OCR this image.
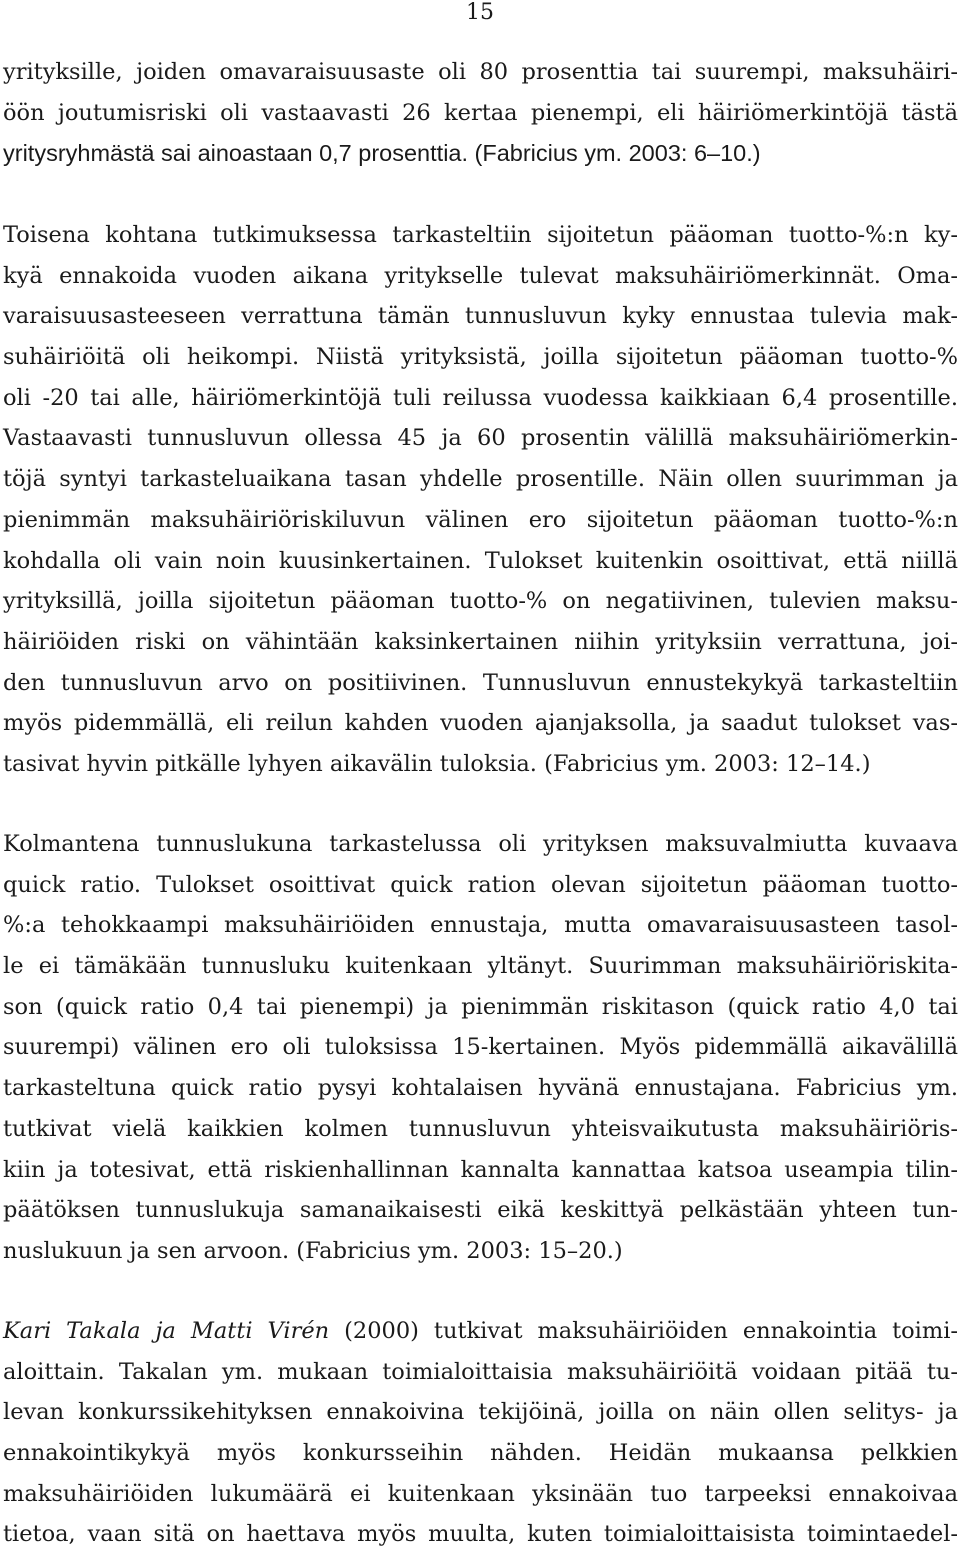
15
yrityksille, joiden omavaraisuusaste oli 80 prosenttia tai suurempi, maksuhäiri-
öön joutumisriski oli vastaavasti 26 kertaa pienempi, eli häiriömerkintöjä tästä
yritysryhmästä sai ainoastaan 0,7 prosenttia. (Fabricius ym. 2003: 6–10.)
Toisena kohtana tutkimuksessa tarkasteltiin sijoitetun pääoman tuotto-%:n ky-
kyä ennakoida vuoden aikana yritykselle tulevat maksuhäiriömerkinnät. Oma-
varaisuusasteeseen verrattuna tämän tunnusluvun kyky ennustaa tulevia mak-
suhäiriöitä oli heikompi. Niistä yrityksistä, joilla sijoitetun pääoman tuotto-%
oli -20 tai alle, häiriömerkintöjä tuli reilussa vuodessa kaikkiaan 6,4 prosentille.
Vastaavasti tunnusluvun ollessa 45 ja 60 prosentin välillä maksuhäiriömerkin-
töjä syntyi tarkasteluaikana tasan yhdelle prosentille. Näin ollen suurimman ja
pienimmän maksuhäiriöriskiluvun välinen ero sijoitetun pääoman tuotto-%:n
kohdalla oli vain noin kuusinkertainen. Tulokset kuitenkin osoittivat, että niillä
yrityksillä, joilla sijoitetun pääoman tuotto-% on negatiivinen, tulevien maksu-
häiriöiden riski on vähintään kaksinkertainen niihin yrityksiin verrattuna, joi-
den tunnusluvun arvo on positiivinen. Tunnusluvun ennustekykyä tarkasteltiin
myös pidemmällä, eli reilun kahden vuoden ajanjaksolla, ja saadut tulokset vas-
tasivat hyvin pitkälle lyhyen aikavälin tuloksia. (Fabricius ym. 2003: 12–14.)
Kolmantena tunnuslukuna tarkastelussa oli yrityksen maksuvalmiutta kuvaava
quick ratio. Tulokset osoittivat quick ration olevan sijoitetun pääoman tuotto-
%:a tehokkaampi maksuhäiriöiden ennustaja, mutta omavaraisuusasteen tasol-
le ei tämäkään tunnusluku kuitenkaan yltänyt. Suurimman maksuhäiriöriskita-
son (quick ratio 0,4 tai pienempi) ja pienimmän riskitason (quick ratio 4,0 tai
suurempi) välinen ero oli tuloksissa 15-kertainen. Myös pidemmällä aikavälillä
tarkasteltuna quick ratio pysyi kohtalaisen hyvänä ennustajana. Fabricius ym.
tutkivat vielä kaikkien kolmen tunnusluvun yhteisvaikutusta maksuhäiriöris-
kiin ja totesivat, että riskienhallinnan kannalta kannattaa katsoa useampia tilin-
päätöksen tunnuslukuja samanaikaisesti eikä keskittyä pelkästään yhteen tun-
nuslukuun ja sen arvoon. (Fabricius ym. 2003: 15–20.)
Kari Takala ja Matti Virén (2000) tutkivat maksuhäiriöiden ennakointia toimi-
aloittain. Takalan ym. mukaan toimialoittaisia maksuhäiriöitä voidaan pitää tu-
levan konkurssikehityksen ennakoivina tekijöinä, joilla on näin ollen selitys- ja
ennakointikykyä myös konkursseihin nähden. Heidän mukaansa pelkkien
maksuhäiriöiden lukumäärä ei kuitenkaan yksinään tuo tarpeeksi ennakoivaa
tietoa, vaan sitä on haettava myös muulta, kuten toimialoittaisista toimintaedel-
